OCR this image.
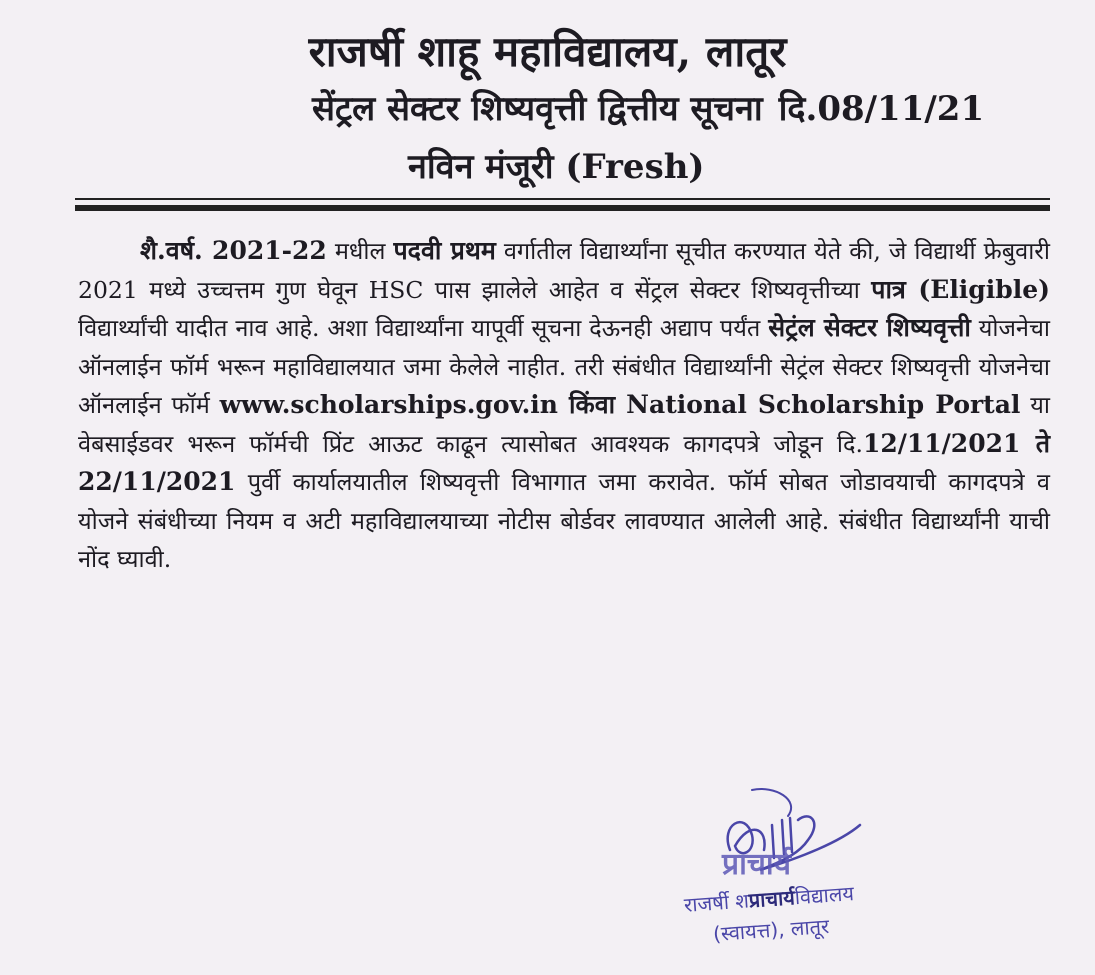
राजर्षी शाहू महाविद्यालय, लातूर
सेंट्रल सेक्टर शिष्यवृत्ती द्वित्तीय सूचना दि.08/11/21
नविन मंजूरी (Fresh)
शै.वर्ष. 2021-22 मधील पदवी प्रथम वर्गातील विद्यार्थ्यांना सूचीत करण्यात येते की, जे विद्यार्थी फ्रेबुवारी 2021 मध्ये उच्चत्तम गुण घेवून HSC पास झालेले आहेत व सेंट्रल सेक्टर शिष्यवृत्तीच्या पात्र (Eligible) विद्यार्थ्यांची यादीत नाव आहे. अशा विद्यार्थ्यांना यापूर्वी सूचना देऊनही अद्याप पर्यंत सेट्रंल सेक्टर शिष्यवृत्ती योजनेचा ऑनलाईन फॉर्म भरून महाविद्यालयात जमा केलेले नाहीत. तरी संबंधीत विद्यार्थ्यांनी सेट्रंल सेक्टर शिष्यवृत्ती योजनेचा ऑनलाईन फॉर्म www.scholarships.gov.in किंवा National Scholarship Portal या वेबसाईडवर भरून फॉर्मची प्रिंट आऊट काढून त्यासोबत आवश्यक कागदपत्रे जोडून दि.12/11/2021 ते 22/11/2021 पुर्वी कार्यालयातील शिष्यवृत्ती विभागात जमा करावेत. फॉर्म सोबत जोडावयाची कागदपत्रे व योजने संबंधीच्या नियम व अटी महाविद्यालयाच्या नोटीस बोर्डवर लावण्यात आलेली आहे. संबंधीत विद्यार्थ्यांनी याची नोंद घ्यावी.
प्राचार्य
राजर्षी शप्राचार्यविद्यालय
(स्वायत्त), लातूर
